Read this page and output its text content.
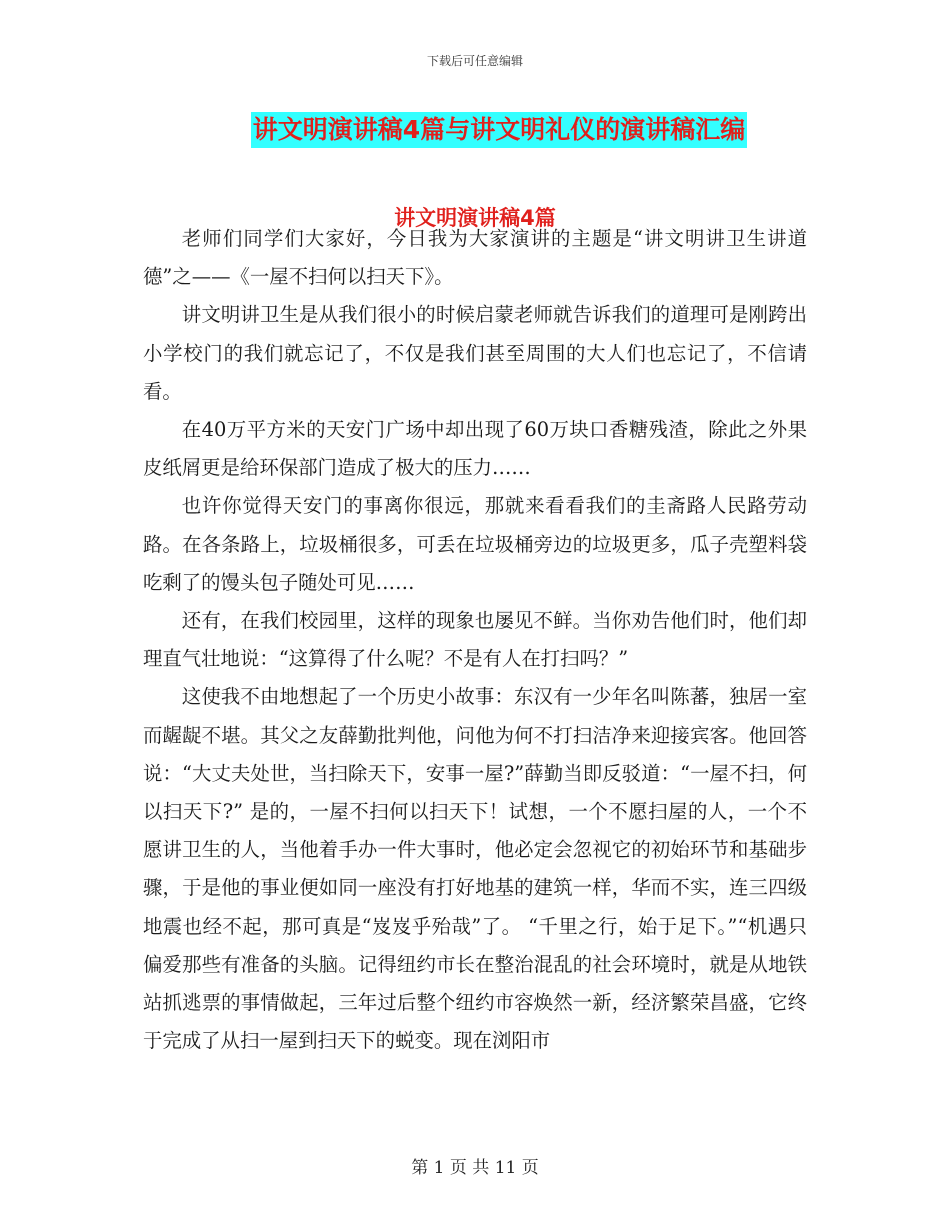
下载后可任意编辑
讲文明演讲稿4篇与讲文明礼仪的演讲稿汇编
讲文明演讲稿4篇

老师们同学们大家好，今日我为大家演讲的主题是“讲文明讲卫生讲道德”之——《一屋不扫何以扫天下》。

讲文明讲卫生是从我们很小的时候启蒙老师就告诉我们的道理可是刚跨出小学校门的我们就忘记了，不仅是我们甚至周围的大人们也忘记了，不信请看。

在40万平方米的天安门广场中却出现了60万块口香糖残渣，除此之外果皮纸屑更是给环保部门造成了极大的压力……

也许你觉得天安门的事离你很远，那就来看看我们的圭斋路人民路劳动路。在各条路上，垃圾桶很多，可丢在垃圾桶旁边的垃圾更多，瓜子壳塑料袋吃剩了的馒头包子随处可见……

还有，在我们校园里，这样的现象也屡见不鲜。当你劝告他们时，他们却理直气壮地说：“这算得了什么呢？不是有人在打扫吗？”

这使我不由地想起了一个历史小故事：东汉有一少年名叫陈蕃，独居一室而龌龊不堪。其父之友薛勤批判他，问他为何不打扫洁净来迎接宾客。他回答说：“大丈夫处世，当扫除天下，安事一屋?”薛勤当即反驳道：“一屋不扫，何以扫天下?” 是的，一屋不扫何以扫天下！试想，一个不愿扫屋的人，一个不愿讲卫生的人，当他着手办一件大事时，他必定会忽视它的初始环节和基础步骤，于是他的事业便如同一座没有打好地基的建筑一样，华而不实，连三四级地震也经不起，那可真是“岌岌乎殆哉”了。 “千里之行，始于足下。”“机遇只偏爱那些有准备的头脑。记得纽约市长在整治混乱的社会环境时，就是从地铁站抓逃票的事情做起，三年过后整个纽约市容焕然一新，经济繁荣昌盛，它终于完成了从扫一屋到扫天下的蜕变。现在浏阳市

第 1 页 共 11 页
